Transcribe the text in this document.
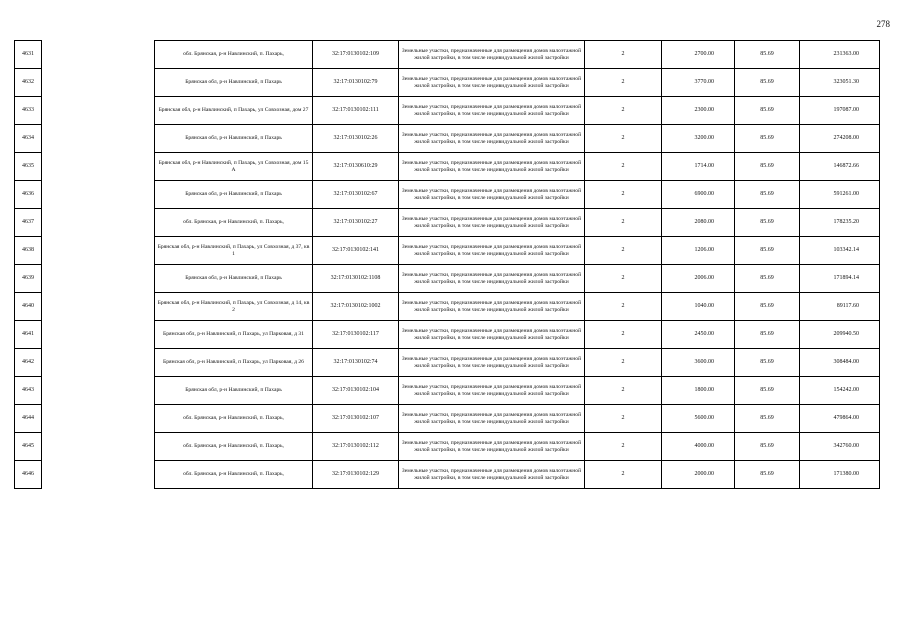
278
4631		обл. Брянская, р-н Навлинский, п. Пахарь,	32:17:0130102:109	Земельные участки, предназначенные для размещения домов малоэтажной жилой застройки, в том числе индивидуальной жилой застройки	2	2700.00	85.69	231363.00
4632		Брянская обл, р-н Навлинский, п Пахарь	32:17:0130102:79	Земельные участки, предназначенные для размещения домов малоэтажной жилой застройки, в том числе индивидуальной жилой застройки	2	3770.00	85.69	323051.30
4633		Брянская обл, р-н Навлинский, п Пахарь, ул Совхозная, дом 27	32:17:0130102:111	Земельные участки, предназначенные для размещения домов малоэтажной жилой застройки, в том числе индивидуальной жилой застройки	2	2300.00	85.69	197087.00
4634		Брянская обл, р-н Навлинский, п Пахарь	32:17:0130102:26	Земельные участки, предназначенные для размещения домов малоэтажной жилой застройки, в том числе индивидуальной жилой застройки	2	3200.00	85.69	274208.00
4635		Брянская обл, р-н Навлинский, п Пахарь, ул Совхозная, дом 15 А	32:17:0130610:29	Земельные участки, предназначенные для размещения домов малоэтажной жилой застройки, в том числе индивидуальной жилой застройки	2	1714.00	85.69	146872.66
4636		Брянская обл, р-н Навлинский, п Пахарь	32:17:0130102:67	Земельные участки, предназначенные для размещения домов малоэтажной жилой застройки, в том числе индивидуальной жилой застройки	2	6900.00	85.69	591261.00
4637		обл. Брянская, р-н Навлинский, п. Пахарь,	32:17:0130102:27	Земельные участки, предназначенные для размещения домов малоэтажной жилой застройки, в том числе индивидуальной жилой застройки	2	2080.00	85.69	178235.20
4638		Брянская обл, р-н Навлинский, п Пахарь, ул Совхозная, д 37, кв 1	32:17:0130102:141	Земельные участки, предназначенные для размещения домов малоэтажной жилой застройки, в том числе индивидуальной жилой застройки	2	1206.00	85.69	103342.14
4639		Брянская обл, р-н Навлинский, п Пахарь	32:17:0130102:1108	Земельные участки, предназначенные для размещения домов малоэтажной жилой застройки, в том числе индивидуальной жилой застройки	2	2006.00	85.69	171894.14
4640		Брянская обл, р-н Навлинский, п Пахарь, ул Совхозная, д 14, кв 2	32:17:0130102:1002	Земельные участки, предназначенные для размещения домов малоэтажной жилой застройки, в том числе индивидуальной жилой застройки	2	1040.00	85.69	89117.60
4641		Брянская обл, р-н Навлинский, п Пахарь, ул Парковая, д 31	32:17:0130102:117	Земельные участки, предназначенные для размещения домов малоэтажной жилой застройки, в том числе индивидуальной жилой застройки	2	2450.00	85.69	209940.50
4642		Брянская обл, р-н Навлинский, п Пахарь, ул Парковая, д 26	32:17:0130102:74	Земельные участки, предназначенные для размещения домов малоэтажной жилой застройки, в том числе индивидуальной жилой застройки	2	3600.00	85.69	308484.00
4643		Брянская обл, р-н Навлинский, п Пахарь	32:17:0130102:104	Земельные участки, предназначенные для размещения домов малоэтажной жилой застройки, в том числе индивидуальной жилой застройки	2	1800.00	85.69	154242.00
4644		обл. Брянская, р-н Навлинский, п. Пахарь,	32:17:0130102:107	Земельные участки, предназначенные для размещения домов малоэтажной жилой застройки, в том числе индивидуальной жилой застройки	2	5600.00	85.69	479864.00
4645		обл. Брянская, р-н Навлинский, п. Пахарь,	32:17:0130102:112	Земельные участки, предназначенные для размещения домов малоэтажной жилой застройки, в том числе индивидуальной жилой застройки	2	4000.00	85.69	342760.00
4646		обл. Брянская, р-н Навлинский, п. Пахарь,	32:17:0130102:129	Земельные участки, предназначенные для размещения домов малоэтажной жилой застройки, в том числе индивидуальной жилой застройки	2	2000.00	85.69	171380.00
